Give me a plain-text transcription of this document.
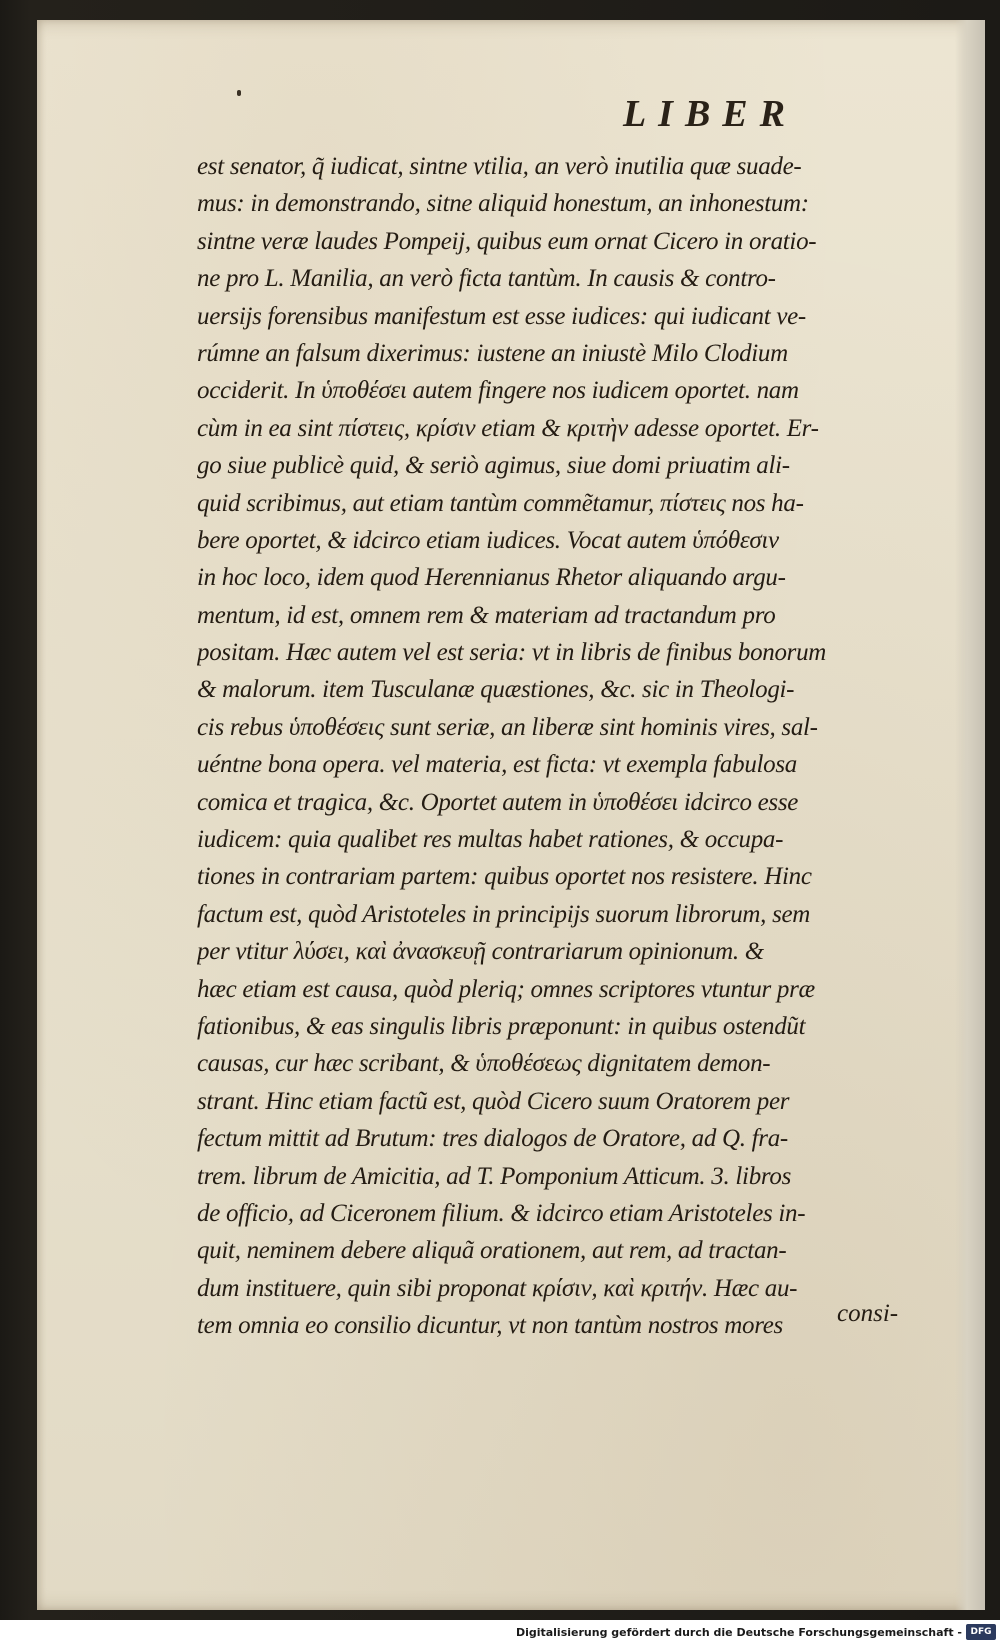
LIBER
est senator, q̃ iudicat, sintne vtilia, an verò inutilia quæ suade-
mus: in demonstrando, sitne aliquid honestum, an inhonestum:
sintne veræ laudes Pompeij, quibus eum ornat Cicero in oratio-
ne pro L. Manilia, an verò ficta tantùm. In causis & contro-
uersijs forensibus manifestum est esse iudices: qui iudicant ve-
rúmne an falsum dixerimus: iustene an iniustè Milo Clodium
occiderit. In ὑποθέσει autem fingere nos iudicem oportet. nam
cùm in ea sint πίστεις, κρίσιν etiam & κριτὴν adesse oportet. Er-
go siue publicè quid, & seriò agimus, siue domi priuatim ali-
quid scribimus, aut etiam tantùm commẽtamur, πίστεις nos ha-
bere oportet, & idcirco etiam iudices. Vocat autem ὑπόθεσιν
in hoc loco, idem quod Herennianus Rhetor aliquando argu-
mentum, id est, omnem rem & materiam ad tractandum pro
positam. Hæc autem vel est seria: vt in libris de finibus bonorum
& malorum. item Tusculanæ quæstiones, &c. sic in Theologi-
cis rebus ὑποθέσεις sunt seriæ, an liberæ sint hominis vires, sal-
uéntne bona opera. vel materia, est ficta: vt exempla fabulosa
comica et tragica, &c. Oportet autem in ὑποθέσει idcirco esse
iudicem: quia qualibet res multas habet rationes, & occupa-
tiones in contrariam partem: quibus oportet nos resistere. Hinc
factum est, quòd Aristoteles in principijs suorum librorum, sem
per vtitur λύσει, καὶ ἀνασκευῇ contrariarum opinionum. &
hæc etiam est causa, quòd pleriq; omnes scriptores vtuntur præ
fationibus, & eas singulis libris præponunt: in quibus ostendũt
causas, cur hæc scribant, & ὑποθέσεως dignitatem demon-
strant. Hinc etiam factũ est, quòd Cicero suum Oratorem per
fectum mittit ad Brutum: tres dialogos de Oratore, ad Q. fra-
trem. librum de Amicitia, ad T. Pomponium Atticum. 3. libros
de officio, ad Ciceronem filium. & idcirco etiam Aristoteles in-
quit, neminem debere aliquã orationem, aut rem, ad tractan-
dum instituere, quin sibi proponat κρίσιν, καὶ κριτήν. Hæc au-
tem omnia eo consilio dicuntur, vt non tantùm nostros mores	consi-
Digitalisierung gefördert durch die Deutsche Forschungsgemeinschaft - DFG
